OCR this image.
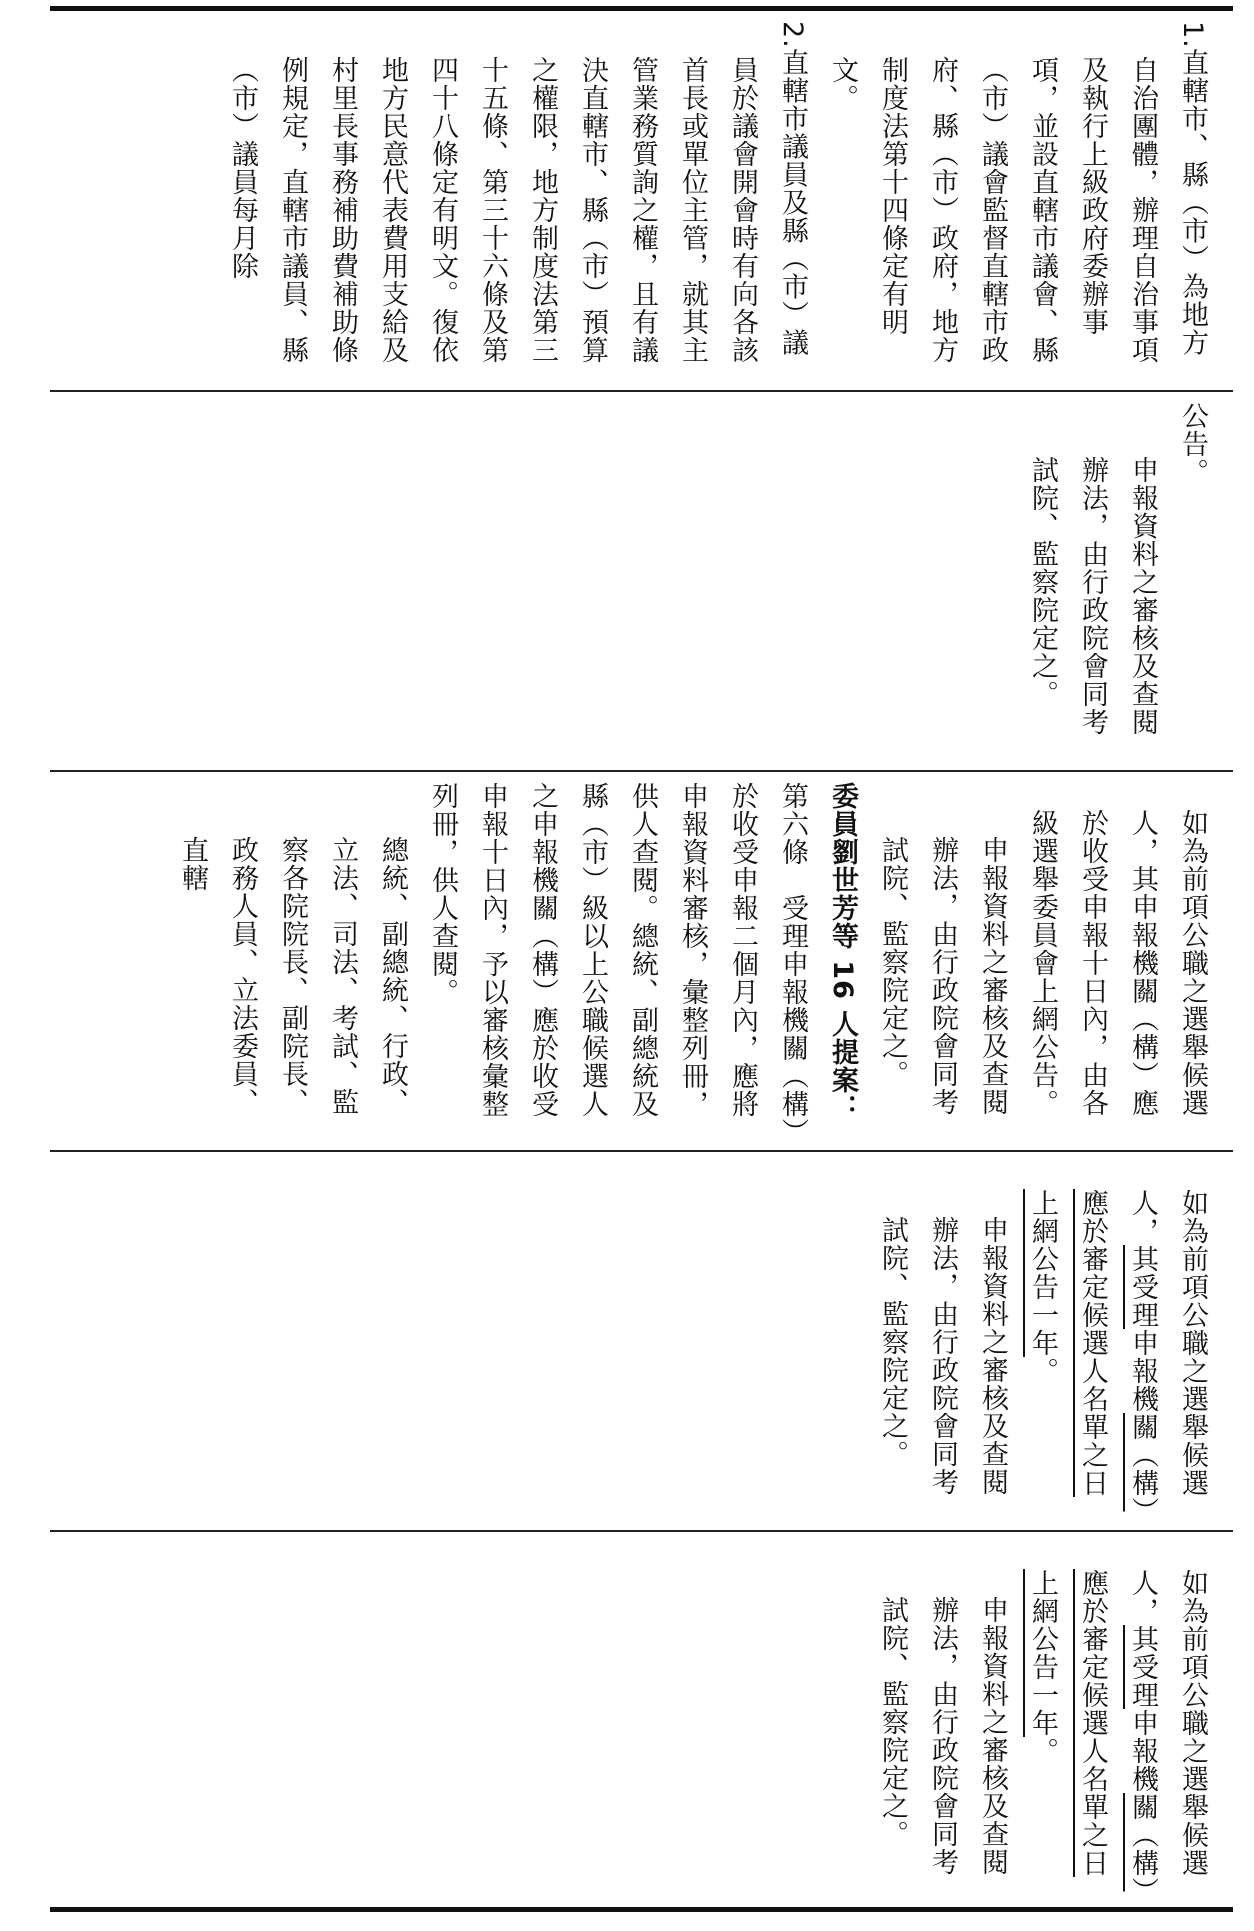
1.直轄市、縣（市）為地方自治團體，辦理自治事項及執行上級政府委辦事項，並設直轄市議會、縣（市）議會監督直轄市政府、縣（市）政府，地方制度法第十四條定有明文。

2.直轄市議員及縣（市）議員於議會開會時有向各該首長或單位主管，就其主管業務質詢之權，且有議決直轄市、縣（市）預算之權限，地方制度法第三十五條、第三十六條及第四十八條定有明文。復依地方民意代表費用支給及村里長事務補助費補助條例規定，直轄市議員、縣（市）議員每月除

公告。

申報資料之審核及查閱辦法，由行政院會同考試院、監察院定之。

如為前項公職之選舉候選人，其申報機關（構）應於收受申報十日內，由各級選舉委員會上網公告。

申報資料之審核及查閱辦法，由行政院會同考試院、監察院定之。

委員劉世芳等 16 人提案：

第六條　受理申報機關（構）於收受申報二個月內，應將申報資料審核，彙整列冊，供人查閱。總統、副總統及縣（市）級以上公職候選人之申報機關（構）應於收受申報十日內，予以審核彙整列冊，供人查閱。

總統、副總統、行政、立法、司法、考試、監察各院院長、副院長、政務人員、立法委員、直轄

如為前項公職之選舉候選人，其受理申報機關（構）應於審定候選人名單之日上網公告一年。

申報資料之審核及查閱辦法，由行政院會同考試院、監察院定之。

如為前項公職之選舉候選人，其受理申報機關（構）應於審定候選人名單之日上網公告一年。

申報資料之審核及查閱辦法，由行政院會同考試院、監察院定之。
